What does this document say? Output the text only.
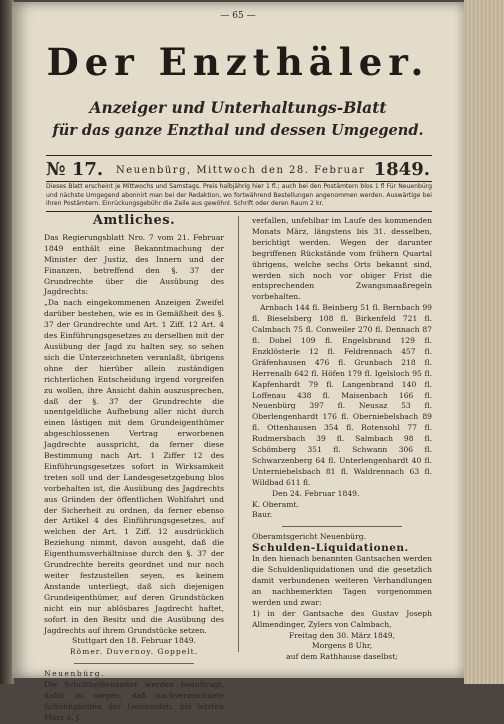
— 65 —
Der Enzthäler.
Anzeiger und Unterhaltungs-Blatt
für das ganze Enzthal und dessen Umgegend.
№ 17. Neuenbürg, Mittwoch den 28. Februar 1849.
Dieses Blatt erscheint je Mittwochs und Samstags. Preis halbjährig hier 1 fl.; auch bei den Postämtern blos 1 fl Für Neuenbürg und nächste Umgegend abonnirt man bei der Redaktion, wo fortwährend Bestellungen angenommen werden. Auswärtige bei ihren Postämtern. Einrückungsgebühr die Zeile aus gewöhnl. Schrift oder deren Raum 2 kr.
Amtliches.

Das Regierungsblatt Nro. 7 vom 21. Februar 1849 enthält eine Bekanntmachung der Minister der Justiz, des Innern und der Finanzen, betreffend den §. 37 der Grundrechte über die Ausübung des Jagdrechts:

„Da nach eingekommenen Anzeigen Zweifel darüber bestehen, wie es in Gemäßheit des §. 37 der Grundrechte und Art. 1 Ziff. 12 Art. 4 des Einführungsgesetzes zu derselben mit der Ausübung der Jagd zu halten sey, so sehen sich die Unterzeichneten veranlaßt, übrigens ohne der hierüber allein zuständigen richterlichen Entscheidung irgend vorgreifen zu wollen, ihre Ansicht dahin auszusprechen, daß der §. 37 der Grundrechte die unentgeldliche Aufhebung aller nicht durch einen lästigen mit dem Grundeigenthümer abgeschlossenen Vertrag erworbenen Jagdrechte ausspricht, da ferner diese Bestimmung nach Art. 1 Ziffer 12 des Einführungsgesetzes sofort in Wirksamkeit treten soll und der Landesgesetzgebung blos vorbehalten ist, die Ausübung des Jagdrechts aus Gründen der öffentlichen Wohlfahrt und der Sicherheit zu ordnen, da ferner ebenso der Artikel 4 des Einführungsgesetzes, auf welchen der Art. 1 Ziff. 12 ausdrücklich Beziehung nimmt, davon ausgeht, daß die Eigenthumsverhältnisse durch den §. 37 der Grundrechte bereits geordnet und nur noch weiter festzustellen seyen, es keinem Anstande unterliegt, daß sich diejenigen Grundeigenthümer, auf deren Grundstücken nicht ein nur ablösbares Jagdrecht haftet, sofort in den Besitz und die Ausübung des Jagdrechts auf ihrem Grundstücke setzen.

Stuttgart den 18. Februar 1849.

Römer. Duvernoy. Goppelt.

Neuenbürg.

Die Schultheißenämter werden beauftragt, dafür zu sorgen, daß nachverzeichnete Schuldigkeiten der Gemeinden, bis letzten März d. J.

verfallen, unfehlbar im Laufe des kommenden Monats März, längstens bis 31. desselben, berichtigt werden. Wegen der darunter begriffenen Rückstände vom frühern Quartal übrigens, welche sechs Orts bekannt sind, werden sich noch vor obiger Frist die entsprechenden Zwangsmaaßregeln vorbehalten.

Arnbach 144 fl. Beinberg 51 fl. Bernbach 99 fl. Bieselsberg 108 fl. Birkenfeld 721 fl. Calmbach 75 fl. Conweiler 270 fl. Dennach 87 fl. Dobel 109 fl. Engelsbrand 129 fl. Enzklösterle 12 fl. Feldrennach 457 fl. Gräfenhausen 476 fl. Grunbach 218 fl. Herrenalb 642 fl. Höfen 179 fl. Igelsloch 95 fl. Kapfenhardt 79 fl. Langenbrand 140 fl. Loffenau 438 fl. Maisenbach 166 fl. Neuenbürg 397 fl. Neusaz 53 fl. Oberlengenhardt 176 fl. Oberniebelsbach 89 fl. Ottenhausen 354 fl. Rotensohl 77 fl. Rudmersbach 39 fl. Salmbach 98 fl. Schömberg 351 fl. Schwann 306 fl. Schwarzenberg 64 fl. Unterlengenhardt 40 fl. Unterniebelsbach 81 fl. Waldrennach 63 fl. Wildbad 611 fl.

Den 24. Februar 1849.

K. Oberamt.

Baur.

Oberamtsgericht Neuenbürg.

Schulden-Liquidationen.

In den hienach benannten Gantsachen werden die Schuldenliquidationen und die gesetzlich damit verbundenen weiteren Verhandlungen an nachbemerkten Tagen vorgenommen werden und zwar:

1) in der Gantsache des Gustav Joseph Allmendinger, Zylers von Calmbach,

Freitag den 30. März 1849,

Morgens 8 Uhr,

auf dem Rathhause daselbst;
